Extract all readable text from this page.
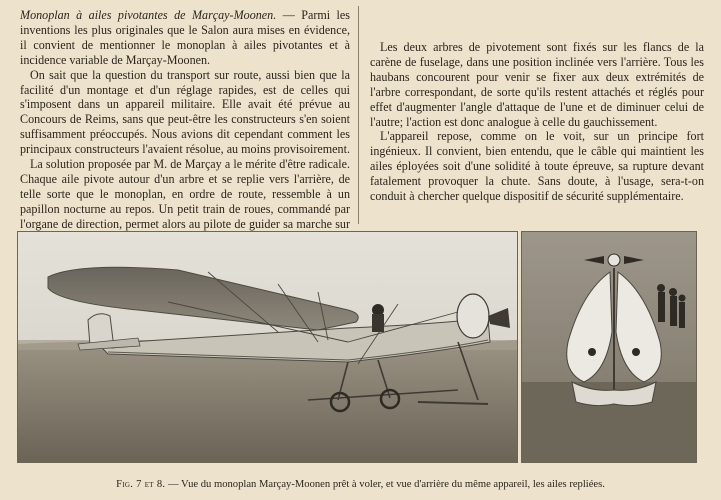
Monoplan à ailes pivotantes de Marçay-Moonen. — Parmi les inventions les plus originales que le Salon aura mises en évidence, il convient de mentionner le monoplan à ailes pivotantes et à incidence variable de Marçay-Moonen.

On sait que la question du transport sur route, aussi bien que la facilité d'un montage et d'un réglage rapides, est de celles qui s'imposent dans un appareil militaire. Elle avait été prévue au Concours de Reims, sans que peut-être les constructeurs s'en soient suffisamment préoccupés. Nous avions dit cependant comment les principaux constructeurs l'avaient résolue, au moins provisoirement.

La solution proposée par M. de Marçay a le mérite d'être radicale. Chaque aile pivote autour d'un arbre et se replie vers l'arrière, de telle sorte que le monoplan, en ordre de route, ressemble à un papillon nocturne au repos. Un petit train de roues, commandé par l'organe de direction, permet alors au pilote de guider sa marche sur

Les deux arbres de pivotement sont fixés sur les flancs de la carène de fuselage, dans une position inclinée vers l'arrière. Tous les haubans concourent pour venir se fixer aux deux extrémités de l'arbre correspondant, de sorte qu'ils restent attachés et réglés pour effet d'augmenter l'angle d'attaque de l'une et de diminuer celui de l'autre; l'action est donc analogue à celle du gauchissement.

L'appareil repose, comme on le voit, sur un principe fort ingénieux. Il convient, bien entendu, que le câble qui maintient les ailes éployées soit d'une solidité à toute épreuve, sa rupture devant fatalement provoquer la chute. Sans doute, à l'usage, sera-t-on conduit à chercher quelque dispositif de sécurité supplémentaire.

Fig. 7 et 8. — Vue du monoplan Marçay-Moonen prêt à voler, et vue d'arrière du même appareil, les ailes repliées.
